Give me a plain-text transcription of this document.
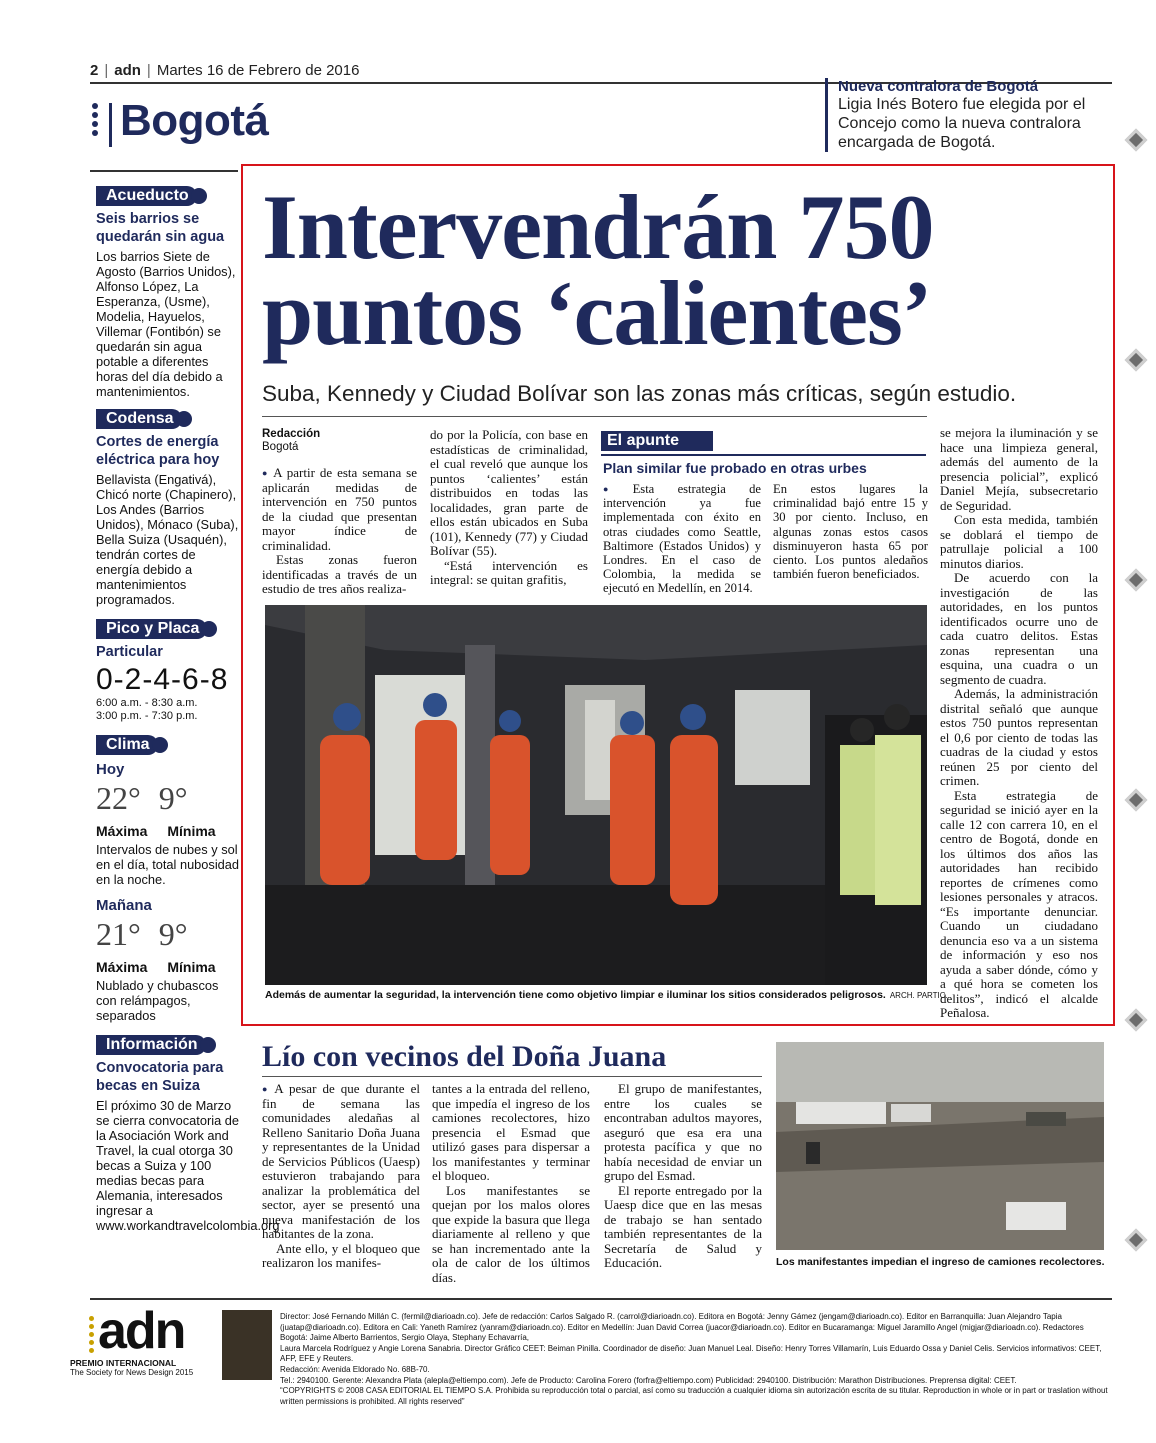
2 | adn | Martes 16 de Febrero de 2016
Bogotá
Nueva contralora de Bogotá
Ligia Inés Botero fue elegida por el Concejo como la nueva contralora encargada de Bogotá.
Acueducto
Seis barrios se quedarán sin agua
Los barrios Siete de Agosto (Barrios Unidos), Alfonso López, La Esperanza, (Usme), Modelia, Hayuelos, Villemar (Fontibón) se quedarán sin agua potable a diferentes horas del día debido a mantenimientos.
Codensa
Cortes de energía eléctrica para hoy
Bellavista (Engativá), Chicó norte (Chapinero), Los Andes (Barrios Unidos), Mónaco (Suba), Bella Suiza (Usaquén), tendrán cortes de energía debido a mantenimientos programados.
Pico y Placa
Particular
0-2-4-6-8
6:00 a.m. - 8:30 a.m.
3:00 p.m. - 7:30 p.m.
Clima
Hoy
22° 9°
Máxima Mínima
Intervalos de nubes y sol en el día, total nubosidad en la noche.
Mañana
21° 9°
Máxima Mínima
Nublado y chubascos con relámpagos, separados
Información
Convocatoria para becas en Suiza
El próximo 30 de Marzo se cierra convocatoria de la Asociación Work and Travel, la cual otorga 30 becas a Suiza y 100 medias becas para Alemania, interesados ingresar a www.workandtravelcolombia.org
Intervendrán 750
puntos ‘calientes’
Suba, Kennedy y Ciudad Bolívar son las zonas más críticas, según estudio.
Redacción
Bogotá

● A partir de esta semana se aplicarán medidas de intervención en 750 puntos de la ciudad que presentan mayor índice de criminalidad.

Estas zonas fueron identificadas a través de un estudio de tres años realiza-

do por la Policía, con base en estadísticas de criminalidad, el cual reveló que aunque los puntos ‘calientes’ están distribuidos en todas las localidades, gran parte de ellos están ubicados en Suba (101), Kennedy (77) y Ciudad Bolívar (55).

“Está intervención es integral: se quitan grafitis,

El apunte
Plan similar fue probado en otras urbes

● Esta estrategia de intervención ya fue implementada con éxito en otras ciudades como Seattle, Baltimore (Estados Unidos) y Londres. En el caso de Colombia, la medida se ejecutó en Medellín, en 2014.

En estos lugares la criminalidad bajó entre 15 y 30 por ciento. Incluso, en algunas zonas estos casos disminuyeron hasta 65 por ciento. Los puntos aledaños también fueron beneficiados.

se mejora la iluminación y se hace una limpieza general, además del aumento de la presencia policial”, explicó Daniel Mejía, subsecretario de Seguridad.

Con esta medida, también se doblará el tiempo de patrullaje policial a 100 minutos diarios.

De acuerdo con la investigación de las autoridades, en los puntos identificados ocurre uno de cada cuatro delitos. Estas zonas representan una esquina, una cuadra o un segmento de cuadra.

Además, la administración distrital señaló que aunque estos 750 puntos representan el 0,6 por ciento de todas las cuadras de la ciudad y estos reúnen 25 por ciento del crimen.

Esta estrategia de seguridad se inició ayer en la calle 12 con carrera 10, en el centro de Bogotá, donde en los últimos dos años las autoridades han recibido reportes de crímenes como lesiones personales y atracos. “Es importante denunciar. Cuando un ciudadano denuncia eso va a un sistema de información y eso nos ayuda a saber dónde, cómo y a qué hora se cometen los delitos”, indicó el alcalde Peñalosa.

Además de aumentar la seguridad, la intervención tiene como objetivo limpiar e iluminar los sitios considerados peligrosos. ARCH. PARTIC.
Lío con vecinos del Doña Juana

● A pesar de que durante el fin de semana las comunidades aledañas al Relleno Sanitario Doña Juana y representantes de la Unidad de Servicios Públicos (Uaesp) estuvieron trabajando para analizar la problemática del sector, ayer se presentó una nueva manifestación de los habitantes de la zona.

Ante ello, y el bloqueo que realizaron los manifes-

tantes a la entrada del relleno, que impedía el ingreso de los camiones recolectores, hizo presencia el Esmad que utilizó gases para dispersar a los manifestantes y terminar el bloqueo.

Los manifestantes se quejan por los malos olores que expide la basura que llega diariamente al relleno y que se han incrementado ante la ola de calor de los últimos días.

El grupo de manifestantes, entre los cuales se encontraban adultos mayores, aseguró que esa era una protesta pacífica y que no había necesidad de enviar un grupo del Esmad.

El reporte entregado por la Uaesp dice que en las mesas de trabajo se han sentado también representantes de la Secretaría de Salud y Educación.	Los manifestantes impedian el ingreso de camiones recolectores.
adn
PREMIO INTERNACIONAL
The Society for News Design 2015
Director: José Fernando Millán C. (fermil@diarioadn.co). Jefe de redacción: Carlos Salgado R. (carrol@diarioadn.co). Editora en Bogotá: Jenny Gámez (jengam@diarioadn.co). Editor en Barranquilla: Juan Alejandro Tapia (juatap@diarioadn.co). Editora en Cali: Yaneth Ramírez (yanram@diarioadn.co). Editor en Medellín: Juan David Correa (juacor@diarioadn.co). Editor en Bucaramanga: Miguel Jaramillo Angel (migjar@diarioadn.co). Redactores Bogotá: Jaime Alberto Barrientos, Sergio Olaya, Stephany Echavarría,
Laura Marcela Rodríguez y Angie Lorena Sanabria. Director Gráfico CEET: Beiman Pinilla. Coordinador de diseño: Juan Manuel Leal. Diseño: Henry Torres Villamarín, Luis Eduardo Ossa y Daniel Celis. Servicios informativos: CEET, AFP, EFE y Reuters.
Redacción: Avenida Eldorado No. 68B-70.
Tel.: 2940100. Gerente: Alexandra Plata (alepla@eltiempo.com). Jefe de Producto: Carolina Forero (forfra@eltiempo.com) Publicidad: 2940100. Distribución: Marathon Distribuciones. Preprensa digital: CEET.
“COPYRIGHTS © 2008 CASA EDITORIAL EL TIEMPO S.A. Prohibida su reproducción total o parcial, así como su traducción a cualquier idioma sin autorización escrita de su titular. Reproduction in whole or in part or traslation without written permissions is prohibited. All rights reserved”
